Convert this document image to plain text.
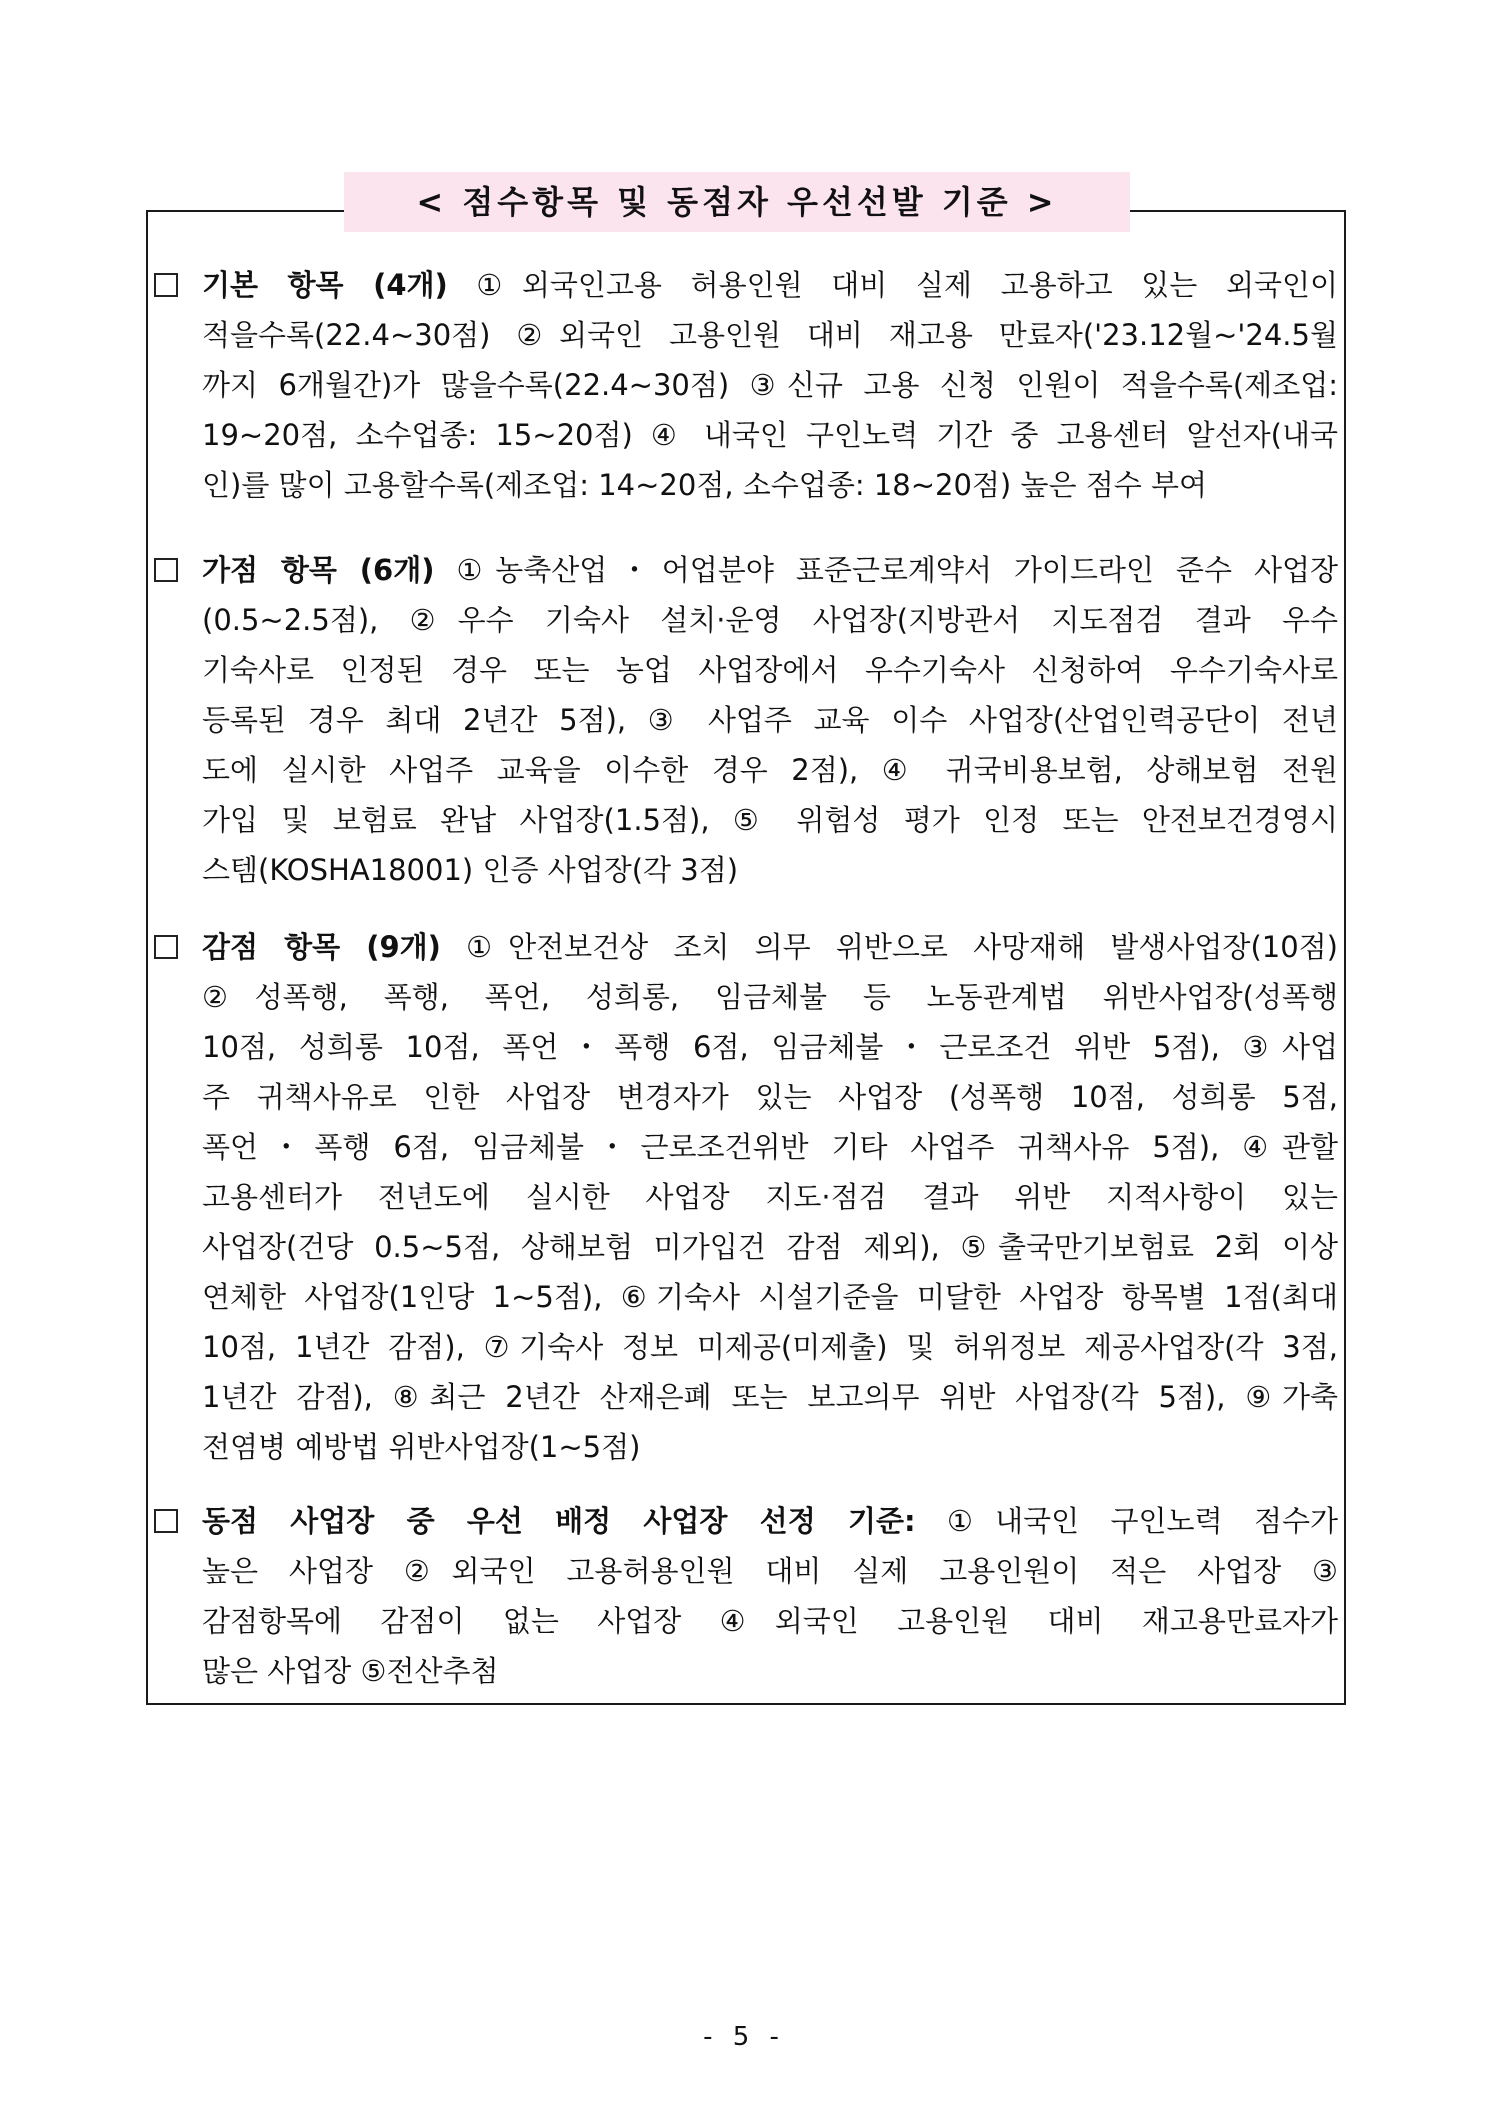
< 점수항목 및 동점자 우선선발 기준 >
기본 항목 (4개) ①외국인고용 허용인원 대비 실제 고용하고 있는 외국인이
적을수록(22.4~30점) ②외국인 고용인원 대비 재고용 만료자('23.12월~'24.5월
까지 6개월간)가 많을수록(22.4~30점) ③신규 고용 신청 인원이 적을수록(제조업:
19~20점, 소수업종: 15~20점) ④ 내국인 구인노력 기간 중 고용센터 알선자(내국
인)를 많이 고용할수록(제조업: 14~20점, 소수업종: 18~20점) 높은 점수 부여
가점 항목 (6개) ①농축산업・어업분야 표준근로계약서 가이드라인 준수 사업장
(0.5~2.5점), ②우수 기숙사 설치·운영 사업장(지방관서 지도점검 결과 우수
기숙사로 인정된 경우 또는 농업 사업장에서 우수기숙사 신청하여 우수기숙사로
등록된 경우 최대 2년간 5점), ③ 사업주 교육 이수 사업장(산업인력공단이 전년
도에 실시한 사업주 교육을 이수한 경우 2점), ④ 귀국비용보험, 상해보험 전원
가입 및 보험료 완납 사업장(1.5점), ⑤ 위험성 평가 인정 또는 안전보건경영시
스템(KOSHA18001) 인증 사업장(각 3점)
감점 항목 (9개) ①안전보건상 조치 의무 위반으로 사망재해 발생사업장(10점)
②성폭행, 폭행, 폭언, 성희롱, 임금체불 등 노동관계법 위반사업장(성폭행
10점, 성희롱 10점, 폭언・폭행 6점, 임금체불・근로조건 위반 5점), ③사업
주 귀책사유로 인한 사업장 변경자가 있는 사업장 (성폭행 10점, 성희롱 5점,
폭언・폭행 6점, 임금체불・근로조건위반 기타 사업주 귀책사유 5점), ④관할
고용센터가 전년도에 실시한 사업장 지도·점검 결과 위반 지적사항이 있는
사업장(건당 0.5~5점, 상해보험 미가입건 감점 제외), ⑤출국만기보험료 2회 이상
연체한 사업장(1인당 1~5점), ⑥기숙사 시설기준을 미달한 사업장 항목별 1점(최대
10점, 1년간 감점), ⑦기숙사 정보 미제공(미제출) 및 허위정보 제공사업장(각 3점,
1년간 감점), ⑧최근 2년간 산재은폐 또는 보고의무 위반 사업장(각 5점), ⑨가축
전염병 예방법 위반사업장(1~5점)
동점 사업장 중 우선 배정 사업장 선정 기준: ①내국인 구인노력 점수가
높은 사업장 ②외국인 고용허용인원 대비 실제 고용인원이 적은 사업장 ③
감점항목에 감점이 없는 사업장 ④외국인 고용인원 대비 재고용만료자가
많은 사업장 ⑤전산추첨
- 5 -
